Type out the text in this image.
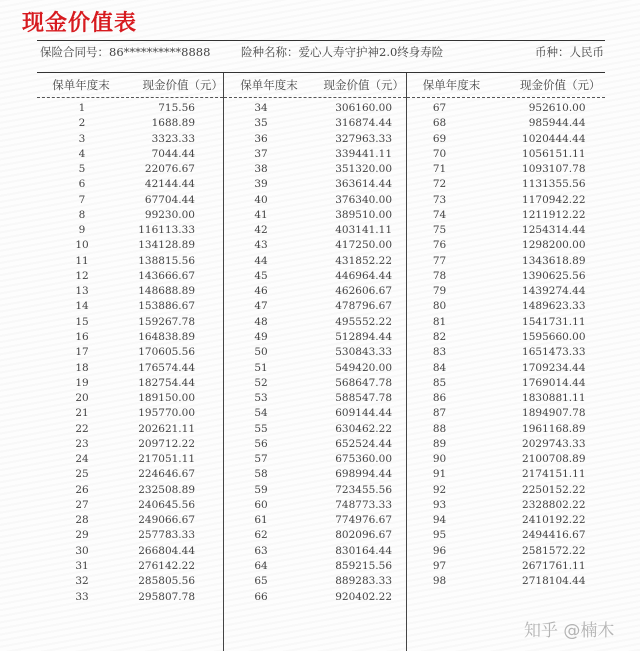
现金价值表
保险合同号：86**********8888	险种名称：爱心人寿守护神2.0终身寿险	币种：人民币
保单年度末	现金价值（元）
1	715.56
2	1688.89
3	3323.33
4	7044.44
5	22076.67
6	42144.44
7	67704.44
8	99230.00
9	116113.33
10	134128.89
11	138815.56
12	143666.67
13	148688.89
14	153886.67
15	159267.78
16	164838.89
17	170605.56
18	176574.44
19	182754.44
20	189150.00
21	195770.00
22	202621.11
23	209712.22
24	217051.11
25	224646.67
26	232508.89
27	240645.56
28	249066.67
29	257783.33
30	266804.44
31	276142.22
32	285805.56
33	295807.78
保单年度末	现金价值（元）
34	306160.00
35	316874.44
36	327963.33
37	339441.11
38	351320.00
39	363614.44
40	376340.00
41	389510.00
42	403141.11
43	417250.00
44	431852.22
45	446964.44
46	462606.67
47	478796.67
48	495552.22
49	512894.44
50	530843.33
51	549420.00
52	568647.78
53	588547.78
54	609144.44
55	630462.22
56	652524.44
57	675360.00
58	698994.44
59	723455.56
60	748773.33
61	774976.67
62	802096.67
63	830164.44
64	859215.56
65	889283.33
66	920402.22
保单年度末	现金价值（元）
67	952610.00
68	985944.44
69	1020444.44
70	1056151.11
71	1093107.78
72	1131355.56
73	1170942.22
74	1211912.22
75	1254314.44
76	1298200.00
77	1343618.89
78	1390625.56
79	1439274.44
80	1489623.33
81	1541731.11
82	1595660.00
83	1651473.33
84	1709234.44
85	1769014.44
86	1830881.11
87	1894907.78
88	1961168.89
89	2029743.33
90	2100708.89
91	2174151.11
92	2250152.22
93	2328802.22
94	2410192.22
95	2494416.67
96	2581572.22
97	2671761.11
98	2718104.44
知乎 @楠木
